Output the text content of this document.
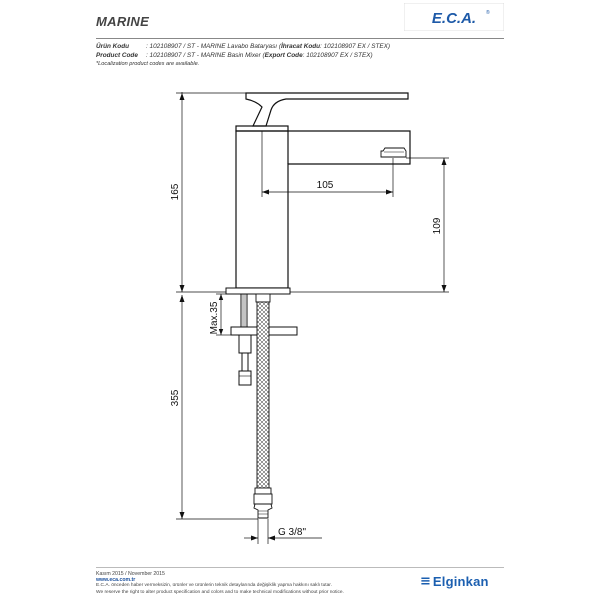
MARINE	E.C.A. ®
Ürün Kodu	: 102108907 / ST - MARINE Lavabo Bataryası (İhracat Kodu: 102108907 EX / STEX)
Product Code : 102108907 / ST - MARINE Basin Mixer (Export Code: 102108907 EX / STEX)
*Localization product codes are available.
165
355
Max.35
105
109
G 3/8"
Kasım 2015 / November 2015
www.eca.com.tr
E.C.A. önceden haber vermeksizin, ürünler ve ürünlerin teknik detaylarında değişiklik yapma hakkını saklı tutar.
We reserve the right to alter product specification and colors and to make technical modifications without prior notice.
≡ Elginkan
